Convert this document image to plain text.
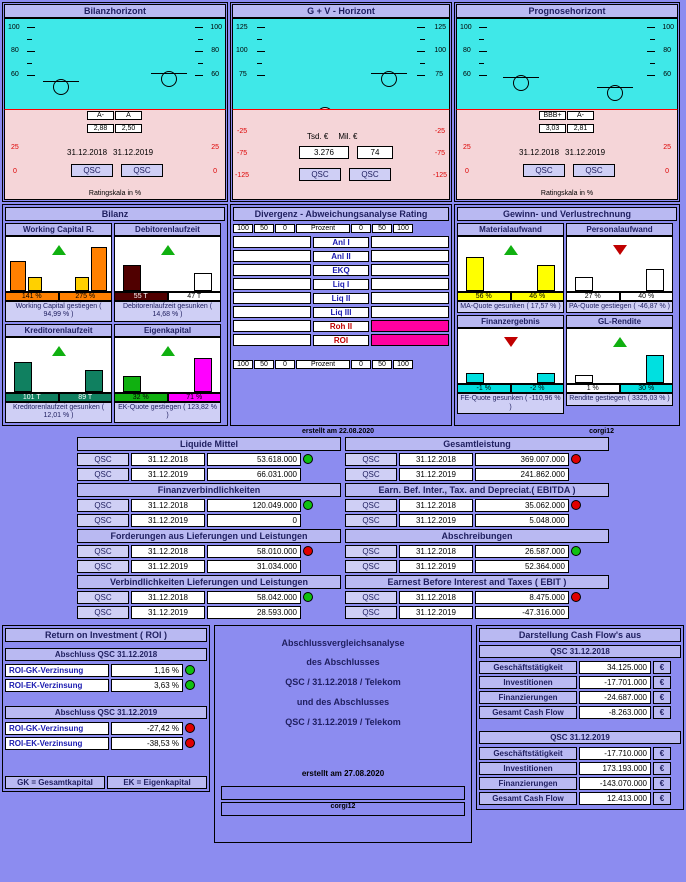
Bilanzhorizont
100
80
60
100
80
60
25
0
25
0
A-	A
2,88	2,50
31.12.2018 31.12.2019
QSC	QSC
Ratingskala in %
G + V - Horizont
125
100
75
125
100
75
-25
-75
-125
-25
-75
-125
Tsd. € Mil. €
3.276	74
QSC	QSC
Prognosehorizont
100
80
60
100
80
60
25
0
25
0
BBB+	A-
3,03	2,81
31.12.2018 31.12.2019
QSC	QSC
Ratingskala in %
Bilanz
Working Capital R.
141 %	275 %
Working Capital gestiegen ( 94,99 % )
Debitorenlaufzeit
55 T	47 T
Debitorenlaufzeit gesunken ( 14,68 % )
Kreditorenlaufzeit
101 T	89 T
Kreditorenlaufzeit gesunken ( 12,01 % )
Eigenkapital
32 %	71 %
EK-Quote gestiegen ( 123,82 % )
Divergenz - Abweichungsanalyse Rating
100	50	0	Prozent	0	50	100
Anl I
Anl II
EKQ
Liq I
Liq II
Liq III
Roh II
ROI
100	50	0	Prozent	0	50	100
Gewinn- und Verlustrechnung
Materialaufwand
56 %	46 %
MA-Quote gesunken ( 17,57 % )
Personalaufwand
27 %	40 %
PA-Quote gestiegen ( -46,87 % )
Finanzergebnis
-1 %	-2 %
FE-Quote gesunken ( -110,96 % )
GL-Rendite
1 %	30 %
Rendite gestiegen ( 3325,03 % )
erstellt am 22.08.2020	corgi12
Liquide Mittel
QSC	31.12.2018	53.618.000
QSC	31.12.2019	66.031.000
Finanzverbindlichkeiten
QSC	31.12.2018	120.049.000
QSC	31.12.2019	0
Forderungen aus Lieferungen und Leistungen
QSC	31.12.2018	58.010.000
QSC	31.12.2019	31.034.000
Verbindlichkeiten Lieferungen und Leistungen
QSC	31.12.2018	58.042.000
QSC	31.12.2019	28.593.000
Gesamtleistung
QSC	31.12.2018	369.007.000
QSC	31.12.2019	241.862.000
Earn. Bef. Inter., Tax. and Depreciat.( EBITDA )
QSC	31.12.2018	35.062.000
QSC	31.12.2019	5.048.000
Abschreibungen
QSC	31.12.2018	26.587.000
QSC	31.12.2019	52.364.000
Earnest Before Interest and Taxes ( EBIT )
QSC	31.12.2018	8.475.000
QSC	31.12.2019	-47.316.000
Return on Investment ( ROI )
Abschluss QSC 31.12.2018
ROI-GK-Verzinsung	1,16 %
ROI-EK-Verzinsung	3,63 %
Abschluss QSC 31.12.2019
ROI-GK-Verzinsung	-27,42 %
ROI-EK-Verzinsung	-38,53 %
GK = Gesamtkapital	EK = Eigenkapital
Abschlussvergleichsanalyse
des Abschlusses
QSC / 31.12.2018 / Telekom
und des Abschlusses
QSC / 31.12.2019 / Telekom
erstellt am 27.08.2020
corgi12
Darstellung Cash Flow's aus
QSC 31.12.2018
Geschäftstätigkeit	34.125.000	€
Investitionen	-17.701.000	€
Finanzierungen	-24.687.000	€
Gesamt Cash Flow	-8.263.000	€
QSC 31.12.2019
Geschäftstätigkeit	-17.710.000	€
Investitionen	173.193.000	€
Finanzierungen	-143.070.000	€
Gesamt Cash Flow	12.413.000	€
